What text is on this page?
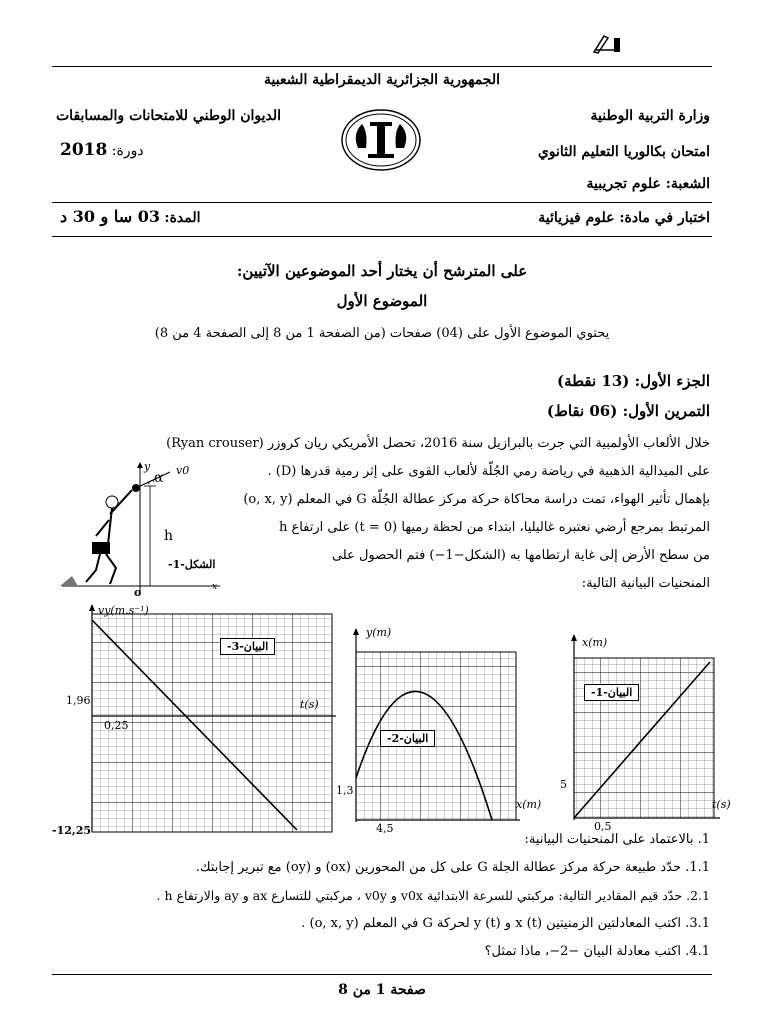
الجمهورية الجزائرية الديمقراطية الشعبية
وزارة التربية الوطنية
الديوان الوطني للامتحانات والمسابقات
امتحان بكالوريا التعليم الثانوي
دورة: 2018
الشعبة: علوم تجريبية
اختبار في مادة: علوم فيزيائية
المدة: 03 سا و 30 د
على المترشح أن يختار أحد الموضوعين الآتيين:
الموضوع الأول
يحتوي الموضوع الأول على (04) صفحات (من الصفحة 1 من 8 إلى الصفحة 4 من 8)
الجزء الأول: (13 نقطة)
التمرين الأول: (06 نقاط)
خلال الألعاب الأولمبية التي جرت بالبرازيل سنة 2016، تحصل الأمريكي ريان كروزر (Ryan crouser)
على الميدالية الذهبية في رياضة رمي الجُلّة لألعاب القوى على إثر رمية قدرها (D) .
بإهمال تأثير الهواء، تمت دراسة محاكاة حركة مركز عطالة الجُلّة G في المعلم (o, x, y)
المرتبط بمرجع أرضي نعتبره غاليليا، ابتداء من لحظة رميها (t = 0) على ارتفاع h
من سطح الأرض إلى غاية ارتطامها به (الشكل−1−) فتم الحصول على
المنحنيات البيانية التالية:
y
α v0
h
الشكل-1-
o	x
vy(m.s⁻¹)
t(s)
1,96
0,25
-12,25
البيان-3-
y(m)
x(m)
1,3
4,5
البيان-2-
x(m)
t(s)
5
0,5
البيان-1-
1. بالاعتماد على المنحنيات البيانية:
1.1. حدّد طبيعة حركة مركز عطالة الجلة G على كل من المحورين (ox) و (oy) مع تبرير إجابتك.
2.1. حدّد قيم المقادير التالية: مركبتي للسرعة الابتدائية v0x و v0y ، مركبتي للتسارع ax و ay والارتفاع h .
3.1. اكتب المعادلتين الزمنيتين x (t) و y (t) لحركة G في المعلم (o, x, y) .
4.1. اكتب معادلة البيان −2−، ماذا تمثل؟
صفحة 1 من 8
